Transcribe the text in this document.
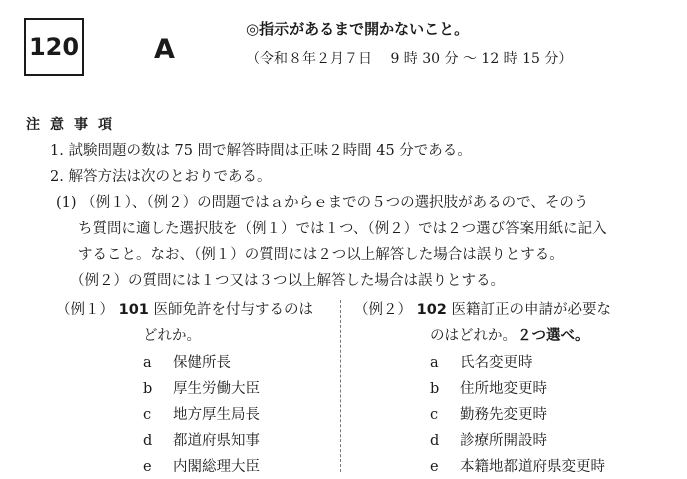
120	A
◎指示があるまで開かないこと。
（令和８年２月７日　 9 時 30 分 〜 12 時 15 分）
注意事項
1. 試験問題の数は 75 問で解答時間は正味２時間 45 分である。
2. 解答方法は次のとおりである。
(1) （例１）、（例２）の問題ではａからｅまでの５つの選択肢があるので、そのう
ち質問に適した選択肢を（例１）では１つ、（例２）では２つ選び答案用紙に記入
すること。なお、（例１）の質問には２つ以上解答した場合は誤りとする。
（例２）の質問には１つ又は３つ以上解答した場合は誤りとする。
（例１） 101 医師免許を付与するのは
どれか。
a 保健所長
b 厚生労働大臣
c 地方厚生局長
d 都道府県知事
e 内閣総理大臣
（例２） 102 医籍訂正の申請が必要な
のはどれか。２つ選べ。
a 氏名変更時
b 住所地変更時
c 勤務先変更時
d 診療所開設時
e 本籍地都道府県変更時
